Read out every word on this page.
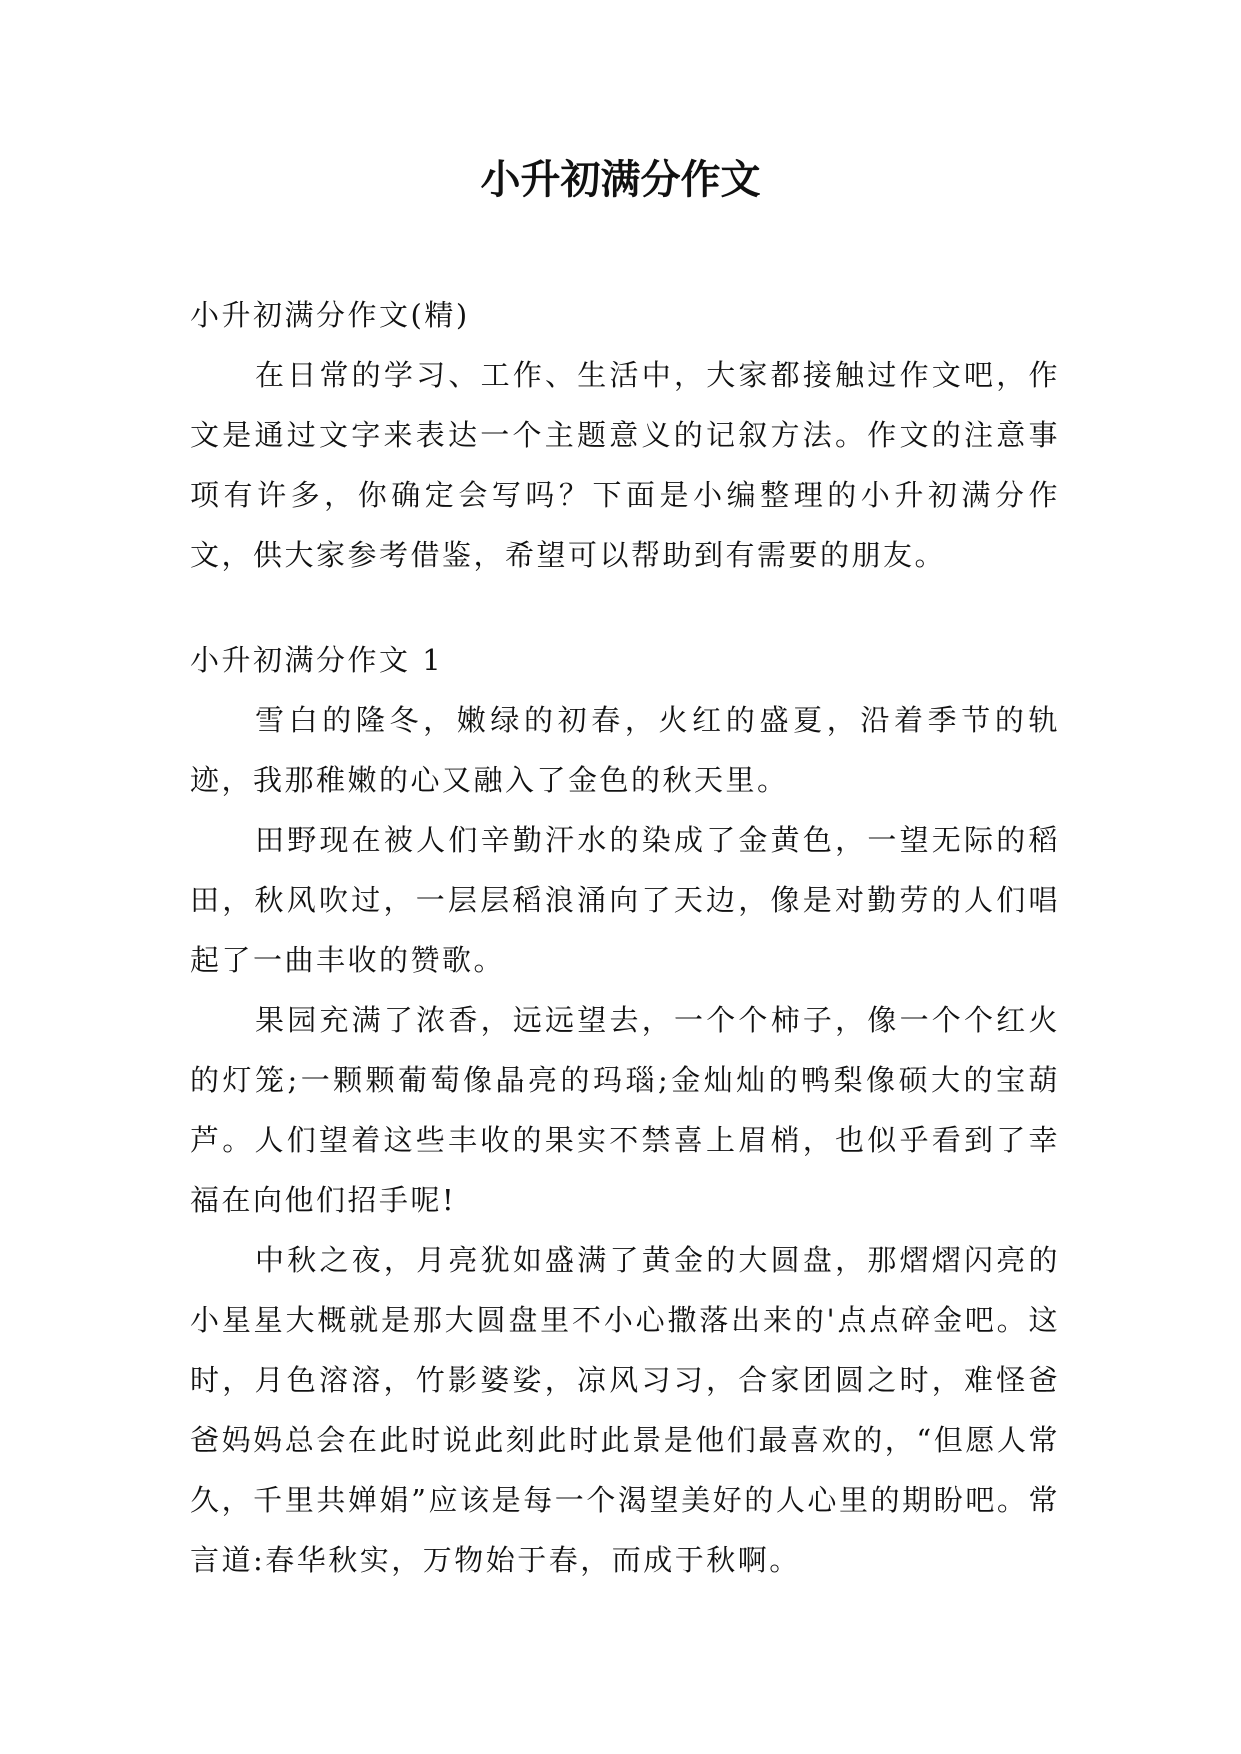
小升初满分作文

小升初满分作文(精)

在日常的学习、工作、生活中，大家都接触过作文吧，作文是通过文字来表达一个主题意义的记叙方法。作文的注意事项有许多，你确定会写吗？下面是小编整理的小升初满分作文，供大家参考借鉴，希望可以帮助到有需要的朋友。

小升初满分作文 1

雪白的隆冬，嫩绿的初春，火红的盛夏，沿着季节的轨迹，我那稚嫩的心又融入了金色的秋天里。

田野现在被人们辛勤汗水的染成了金黄色，一望无际的稻田，秋风吹过，一层层稻浪涌向了天边，像是对勤劳的人们唱起了一曲丰收的赞歌。

果园充满了浓香，远远望去，一个个柿子，像一个个红火的灯笼;一颗颗葡萄像晶亮的玛瑙;金灿灿的鸭梨像硕大的宝葫芦。人们望着这些丰收的果实不禁喜上眉梢，也似乎看到了幸福在向他们招手呢!

中秋之夜，月亮犹如盛满了黄金的大圆盘，那熠熠闪亮的小星星大概就是那大圆盘里不小心撒落出来的'点点碎金吧。这时，月色溶溶，竹影婆娑，凉风习习，合家团圆之时，难怪爸爸妈妈总会在此时说此刻此时此景是他们最喜欢的，“但愿人常久，千里共婵娟”应该是每一个渴望美好的人心里的期盼吧。常言道:春华秋实，万物始于春，而成于秋啊。
